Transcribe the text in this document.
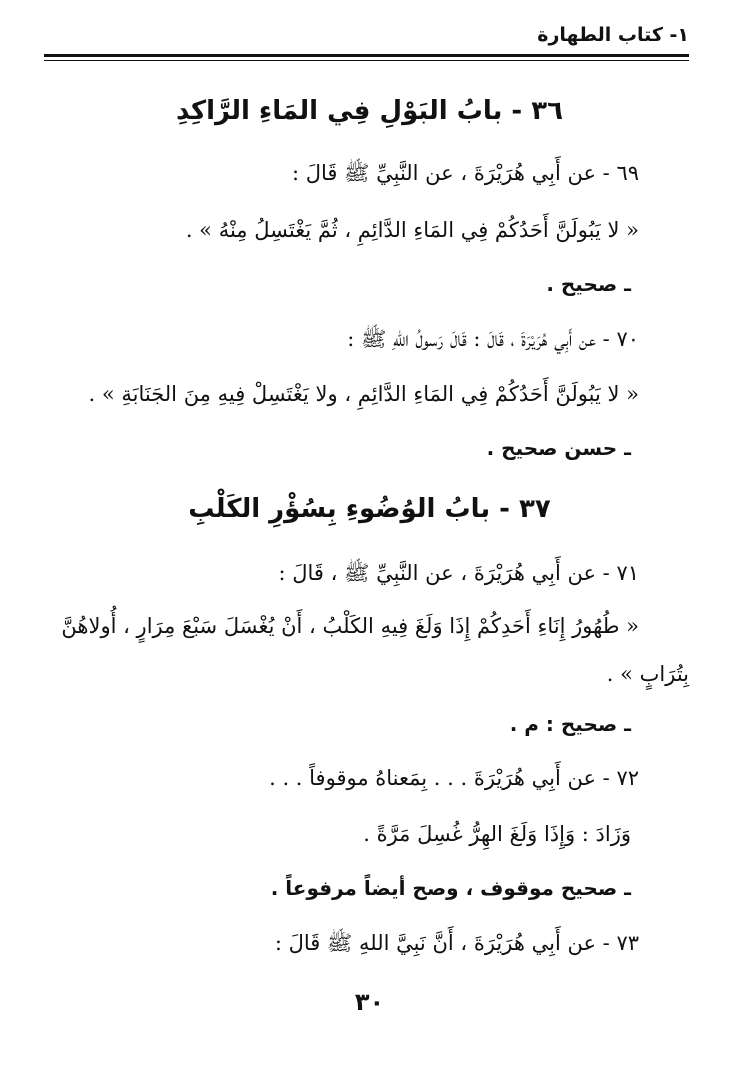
١- كتاب الطهارة
٣٦ - بابُ البَوْلِ فِي المَاءِ الرَّاكِدِ
٦٩ - عن أَبِي هُرَيْرَةَ ، عن النَّبِيِّ ﷺ قَالَ :
« لا يَبُولَنَّ أَحَدُكُمْ فِي المَاءِ الدَّائِمِ ، ثُمَّ يَغْتَسِلُ مِنْهُ » .
ـ صحيح .
٧٠ - عن أَبِي هُرَيْرَةَ ، قَالَ : قَالَ رَسولُ اللهِ ﷺ :
« لا يَبُولَنَّ أَحَدُكُمْ فِي المَاءِ الدَّائِمِ ، ولا يَغْتَسِلْ فِيهِ مِنَ الجَنَابَةِ » .
ـ حسن صحيح .
٣٧ - بابُ الوُضُوءِ بِسُؤْرِ الكَلْبِ
٧١ - عن أَبِي هُرَيْرَةَ ، عن النَّبِيِّ ﷺ ، قَالَ :
« طُهُورُ إِنَاءِ أَحَدِكُمْ إِذَا وَلَغَ فِيهِ الكَلْبُ ، أَنْ يُغْسَلَ سَبْعَ مِرَارٍ ، أُولاهُنَّ
بِتُرَابٍ » .
ـ صحيح : م .
٧٢ - عن أَبِي هُرَيْرَةَ . . . بِمَعناهُ موقوفاً . . .
وَزَادَ : وَإِذَا وَلَغَ الهِرُّ غُسِلَ مَرَّةً .
ـ صحيح موقوف ، وصح أيضاً مرفوعاً .
٧٣ - عن أَبِي هُرَيْرَةَ ، أَنَّ نَبِيَّ اللهِ ﷺ قَالَ :
٣٠
